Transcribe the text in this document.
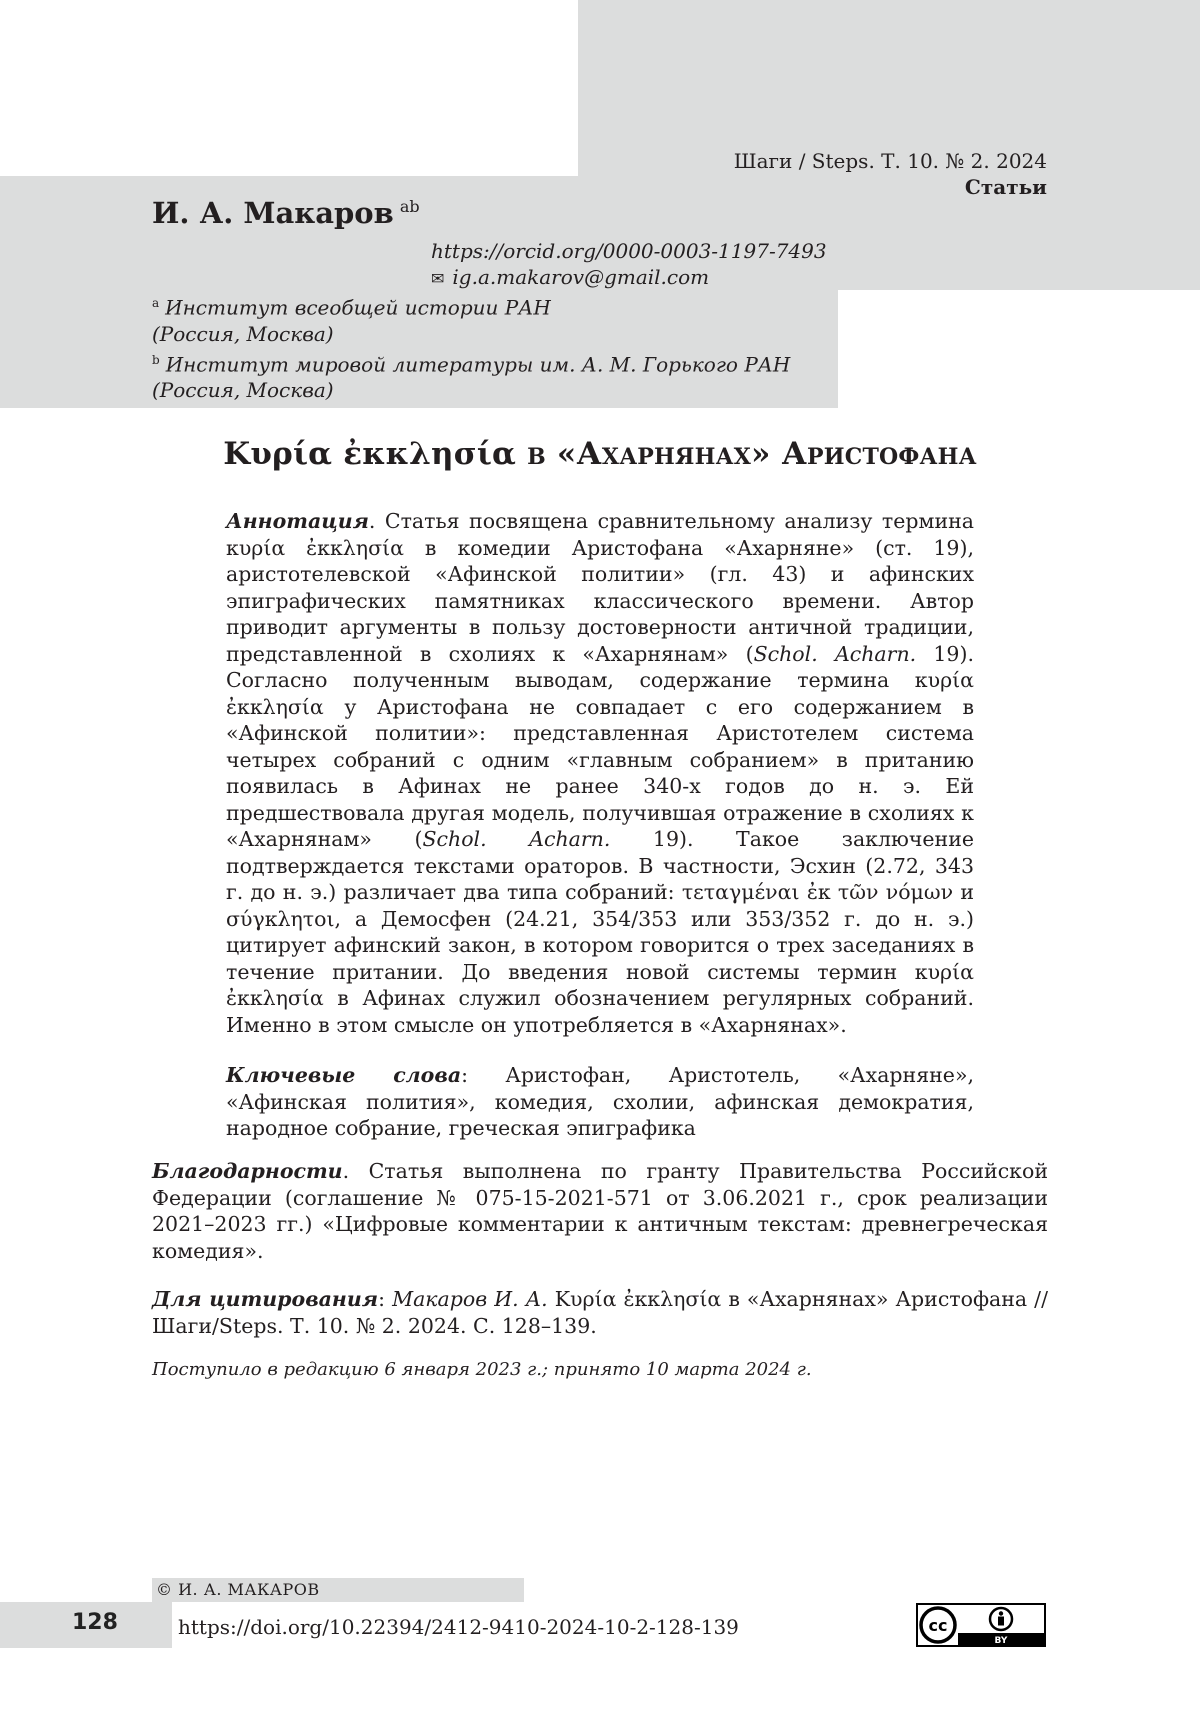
Шаги / Steps. Т. 10. № 2. 2024
Статьи
И. А. Макаров ab
https://orcid.org/0000-0003-1197-7493
✉ ig.a.makarov@gmail.com
a Институт всеобщей истории РАН
(Россия, Москва)
b Институт мировой литературы им. А. М. Горького РАН
(Россия, Москва)
Κυρία ἐκκλησία в «Ахарнянах» Аристофана

Аннотация. Статья посвящена сравнительному анализу термина κυρία ἐκκλησία в комедии Аристофана «Ахарняне» (ст. 19), аристотелевской «Афинской политии» (гл. 43) и афинских эпиграфических памятниках классического времени. Автор приводит аргументы в пользу достоверности античной традиции, представленной в схолиях к «Ахарнянам» (Schol. Acharn. 19). Согласно полученным выводам, содержание термина κυρία ἐκκλησία у Аристофана не совпадает с его содержанием в «Афинской политии»: представленная Аристотелем система четырех собраний с одним «главным собранием» в пританию появилась в Афинах не ранее 340-х годов до н. э. Ей предшествовала другая модель, получившая отражение в схолиях к «Ахарнянам» (Schol. Acharn. 19). Такое заключение подтверждается текстами ораторов. В частности, Эсхин (2.72, 343 г. до н. э.) различает два типа собраний: τεταγμέναι ἐκ τῶν νόμων и σύγκλητοι, а Демосфен (24.21, 354/353 или 353/352 г. до н. э.) цитирует афинский закон, в котором говорится о трех заседаниях в течение притании. До введения новой системы термин κυρία ἐκκλησία в Афинах служил обозначением регулярных собраний. Именно в этом смысле он употребляется в «Ахарнянах».

Ключевые слова: Аристофан, Аристотель, «Ахарняне», «Афинская полития», комедия, схолии, афинская демократия, народное собрание, греческая эпиграфика

Благодарности. Статья выполнена по гранту Правительства Российской Федерации (соглашение № 075-15-2021-571 от 3.06.2021 г., срок реализации 2021–2023 гг.) «Цифровые комментарии к античным текстам: древнегреческая комедия».

Для цитирования: Макаров И. А. Κυρία ἐκκλησία в «Ахарнянах» Аристофана // Шаги/Steps. Т. 10. № 2. 2024. С. 128–139.

Поступило в редакцию 6 января 2023 г.; принято 10 марта 2024 г.
© И. А. МАКАРОВ
128	https://doi.org/10.22394/2412-9410-2024-10-2-128-139	cc
BY
